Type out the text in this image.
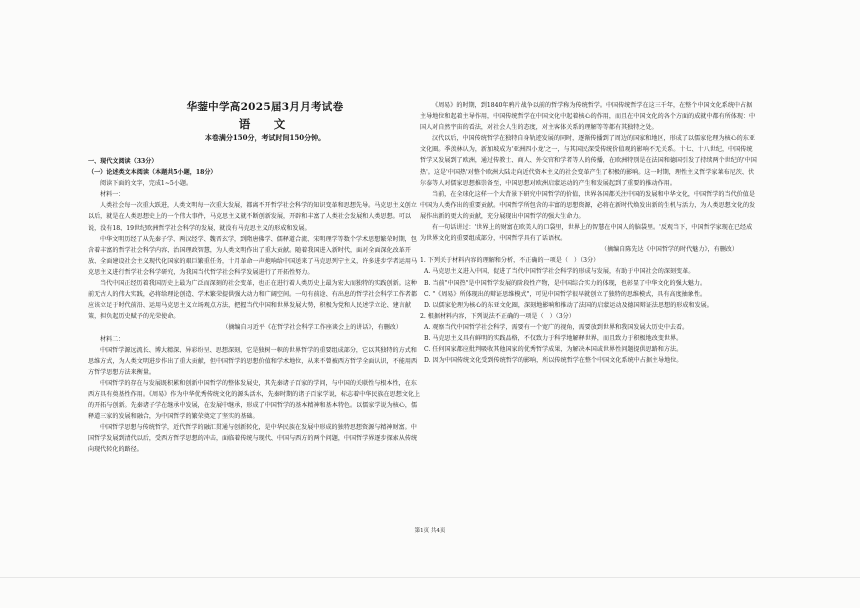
华蓥中学高2025届3月月考试卷
语　文
本卷满分150分，考试时间150分钟。

一、现代文阅读（33分）

（一）论述类文本阅读（本题共5小题，18分）

阅读下面的文字，完成1~5小题。

材料一：

人类社会每一次重大跃进，人类文明每一次重大发展，都离不开哲学社会科学的知识变革和思想先导。马克思主义创立以后，就是在人类思想史上的一个伟大事件，马克思主义就不断创新发展，开辟和丰富了人类社会发展和人类思想。可以说，没有18、19世纪欧洲哲学社会科学的发展，就没有马克思主义的形成和发展。

中华文明历经了从先秦子学、两汉经学、魏晋玄学，到隋唐佛学、儒释道合流、宋明理学等数个学术思想繁荣时期，包含着丰富的哲学社会科学内容、治国理政智慧，为人类文明作出了重大贡献。随着我国进入新时代，面对全面深化改革开放、全面建设社会主义现代化国家的艰巨繁重任务，十月革命一声炮响给中国送来了马克思列宁主义，许多进步学者运用马克思主义进行哲学社会科学研究，为我国当代哲学社会科学发展进行了开拓性努力。

当代中国正经历着我国历史上最为广泛而深刻的社会变革，也正在进行着人类历史上最为宏大而独特的实践创新。这种前无古人的伟大实践，必将给理论创造、学术繁荣提供强大动力和广阔空间。一句有前途、有出息的哲学社会科学工作者都应该立足于时代前沿、运用马克思主义立场观点方法，把握当代中国和世界发展大势，积极为党和人民述学立论、建言献策，担负起历史赋予的光荣使命。

（摘编自习近平《在哲学社会科学工作座谈会上的讲话》，有删改）

材料二：

中国哲学源远流长、博大精深、异彩纷呈、思想深刻，它是独树一帜的世界哲学的重要组成部分，它以其独特的方式和思维方式，为人类文明进步作出了重大贡献，但中国哲学的思想价值和学术地位，从来不曾被西方哲学全面认识，不能用西方哲学思想方法来衡量。

中国哲学的存在与发展既积累和创新中国哲学的整体发展史，其先秦诸子百家的学问，与中国的关联性与根本性，在东西方具有奠基性作用。《周易》作为中华优秀传统文化的源头活水，先秦时期的诸子百家学说，标志着中华民族在思想文化上的开拓与创新。先秦诸子学在继承中发展，在发展中继承，形成了中国哲学的基本精神和基本特色。以儒家学说为核心，儒释道三家的发展和融合，为中国哲学的繁荣奠定了坚实的基础。

中国哲学思想与传统哲学，近代哲学的融汇贯通与创新转化，是中华民族在发展中形成的独特思想资源与精神财富。中国哲学发展到清代以后，受西方哲学思想的冲击，面临着传统与现代、中国与西方的两个问题，中国哲学界逐步探索从传统向现代转化的路径。

《周易》的时期，到1840年鸦片战争以前的哲学称为传统哲学。中国传统哲学在这三千年，在整个中国文化系统中占据主导地位和起着主导作用，中国传统哲学在中国文化中起着核心的作用，而且在中国文化的各个方面的成就中都有所体现：中国人对自然宇宙的看法，对社会人生的态度，对主客体关系的理解等等都有其独特之处。

汉代以后，中国传统哲学在独特自身轨迹发展的同时，逐渐传播到了周边的国家和地区，形成了以儒家伦理为核心的东亚文化圈。季羡林认为，新加坡成为'亚洲四小龙'之一，与其国民深受传统价值观的影响不无关系。十七、十八世纪，中国传统哲学又发展到了欧洲，通过传教士、商人、外交官和学者等人的传播，在欧洲特别是在法国和德国引发了持续两个世纪的'中国热'。这是'中国热'对整个欧洲大陆走向近代资本主义的社会变革产生了积极的影响。这一时期，理性主义哲学家莱布尼茨、伏尔泰等人对儒家思想推崇备至，中国思想对欧洲启蒙运动的产生和发展起到了重要的推动作用。

当前，在全球化这样一个大背景下研究中国哲学的价值，世界各国都关注中国的发展和中华文化，中国哲学的当代价值是中国为人类作出的重要贡献。中国哲学所包含的丰富的思想资源，必将在新时代焕发出新的生机与活力，为人类思想文化的发展作出新的更大的贡献，充分展现出中国哲学的强大生命力。

有一句话讲过：'世界上的财富在欧美人的口袋里，世界上的智慧在中国人的脑袋里。'反观当下，中国哲学家现在已经成为世界文化的重要组成部分，中国哲学具有了话语权。

（摘编自陈先达《中国哲学的时代魅力》，有删改）

1. 下列关于材料内容的理解和分析，不正确的一项是（　）（3分）

A. 马克思主义进入中国，促进了当代中国哲学社会科学的形成与发展，有助于中国社会的深刻变革。

B. 当前"中国热"是中国哲学发展的阶段性产物，是中国综合实力的体现，也彰显了中华文化的强大魅力。

C. "《周易》所体现出的辩证思维模式"，可见中国哲学很早就创立了独特的思维模式，具有高度抽象性。

D. 以儒家伦理为核心的东亚文化圈，深刻地影响和推动了法国的启蒙运动及德国辩证法思想的形成和发展。

2. 根据材料内容，下列说法不正确的一项是（　）（3分）

A. 观察当代中国哲学社会科学，需要有一个宽广的视角，需要放到世界和我国发展大历史中去看。

B. 马克思主义具有鲜明的实践品格，不仅致力于科学地解释世界，而且致力于积极地改变世界。

C. 任何国家都应批判吸收其他国家的优秀哲学成果，为解决本国或世界性问题提供思路和方法。

D. 因为中国传统文化受到传统哲学的影响，所以传统哲学在整个中国文化系统中占据主导地位。

第1页 共4页
